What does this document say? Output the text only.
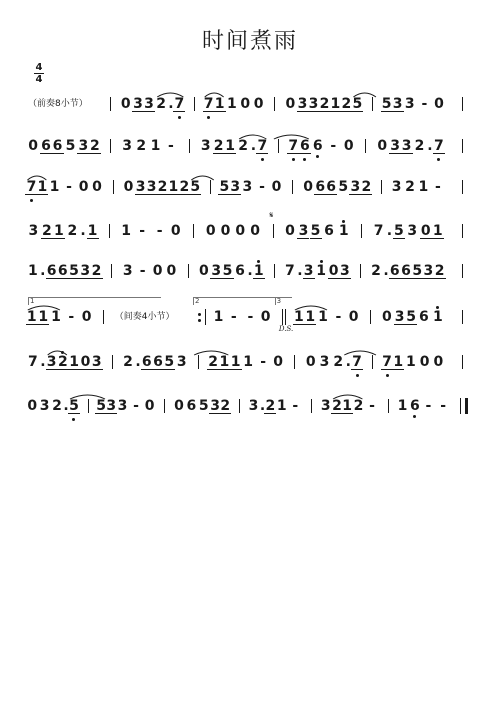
时间煮雨
4
4
（前奏8小节） 0 3 3 2 . 7 7 1 1 0 0 0 3 3 2 1 2 5 5 3 3 - 0
0 6 6 5 3 2 3 2 1 - 3 2 1 2 . 7 7 6 6 - 0 0 3 3 2 . 7
7 1 1 - 0 0 0 3 3 2 1 2 5 5 3 3 - 0 0 6 6 5 3 2 3 2 1 -
3 2 1 2 . 1 1 - - 0 0 0 0 0
𝄋
0 3 5 6 1 7 . 5 3 0 1
1 . 6 6 5 3 2 3 - 0 0 0 3 5 6 . 1 7 . 3 1 0 3 2 . 6 6 5 3 2
1 1 1 - 0	（间奏4小节）	1 - - 0
D.S.
1 1 1 - 0 0 3 5 6 1
1	2	3
7 . 3 2 1 0 3 2 . 6 6 5 3 2 1 1 1 - 0 0 3 2 . 7 7 1 1 0 0
0 3 2 . 5 5 3 3 - 0 0 6 5 3 2 3 . 2 1 - 3 2 1 2 - 1 6 - -
